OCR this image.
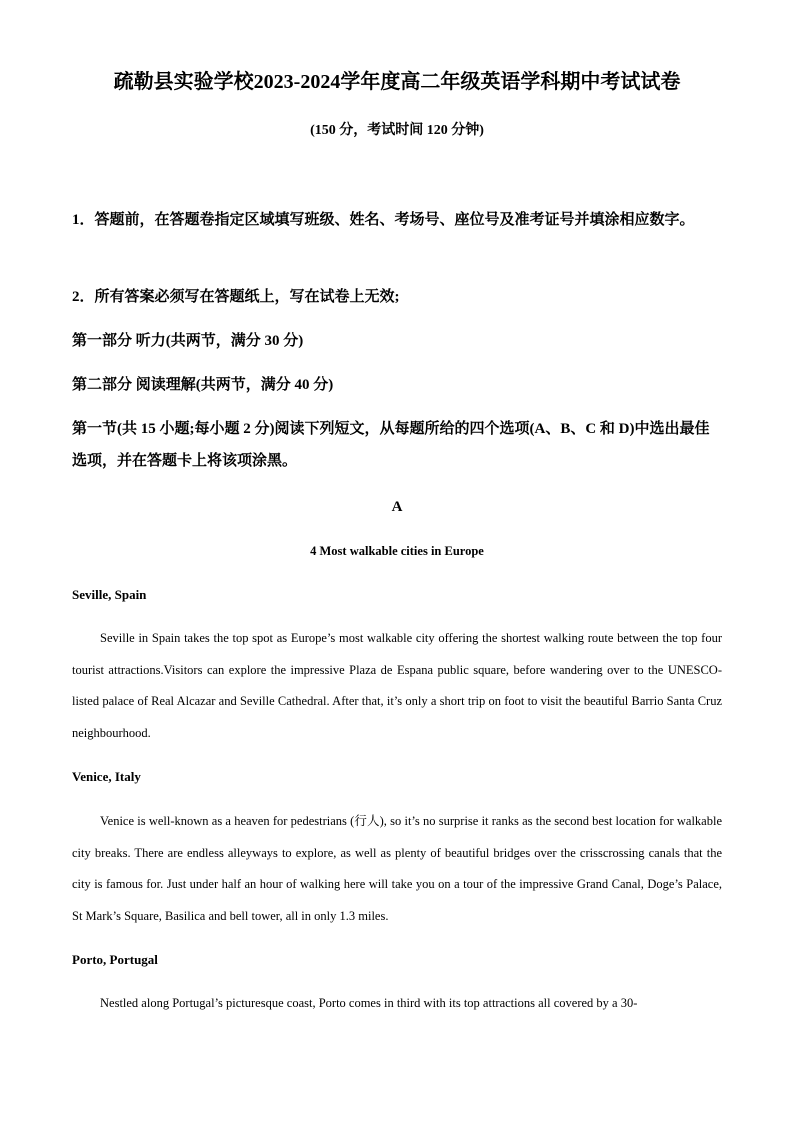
疏勒县实验学校2023-2024学年度高二年级英语学科期中考试试卷
(150 分，考试时间 120 分钟)
1．答题前，在答题卷指定区域填写班级、姓名、考场号、座位号及准考证号并填涂相应数字。
2．所有答案必须写在答题纸上，写在试卷上无效;
第一部分 听力(共两节，满分 30 分)
第二部分 阅读理解(共两节，满分 40 分)
第一节(共 15 小题;每小题 2 分)阅读下列短文，从每题所给的四个选项(A、B、C 和 D)中选出最佳选项，并在答题卡上将该项涂黑。
A
4 Most walkable cities in Europe
Seville, Spain
Seville in Spain takes the top spot as Europe’s most walkable city offering the shortest walking route between the top four tourist attractions.Visitors can explore the impressive Plaza de Espana public square, before wandering over to the UNESCO-listed palace of Real Alcazar and Seville Cathedral. After that, it’s only a short trip on foot to visit the beautiful Barrio Santa Cruz neighbourhood.
Venice, Italy
Venice is well-known as a heaven for pedestrians (行人), so it’s no surprise it ranks as the second best location for walkable city breaks. There are endless alleyways to explore, as well as plenty of beautiful bridges over the crisscrossing canals that the city is famous for. Just under half an hour of walking here will take you on a tour of the impressive Grand Canal, Doge’s Palace, St Mark’s Square, Basilica and bell tower, all in only 1.3 miles.
Porto, Portugal
Nestled along Portugal’s picturesque coast, Porto comes in third with its top attractions all covered by a 30-
